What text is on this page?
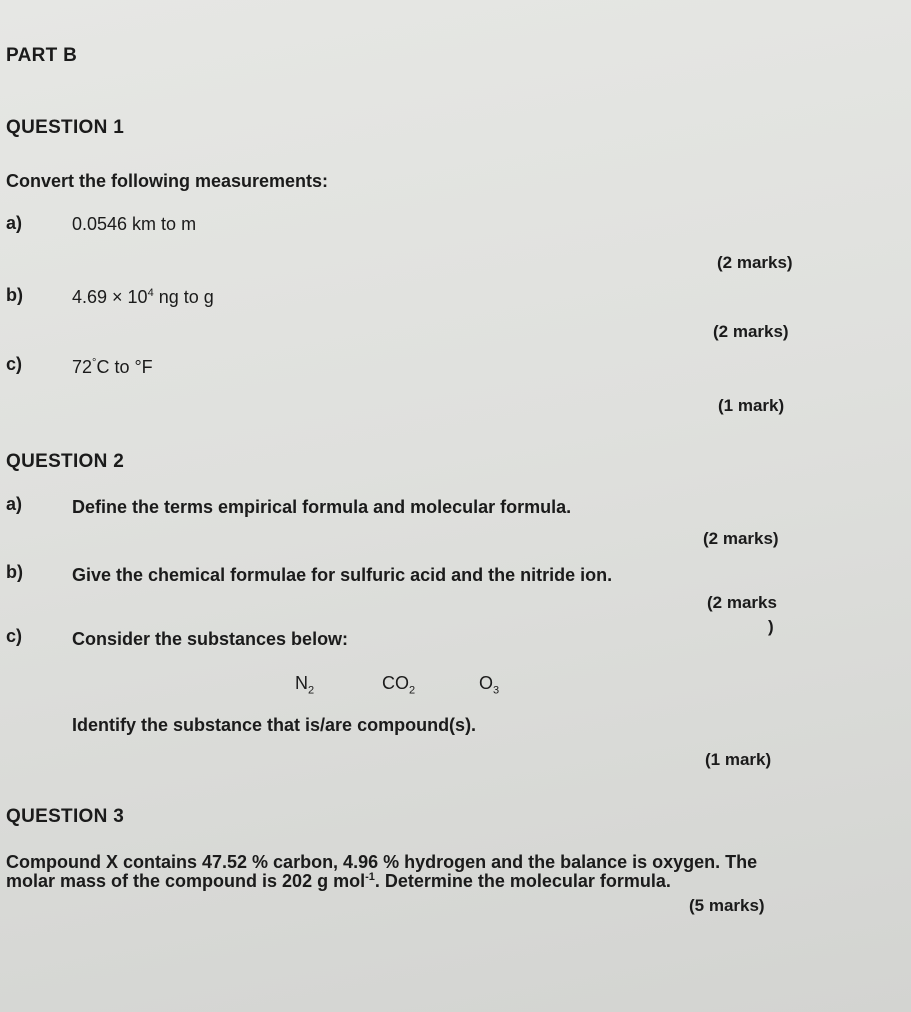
PART B
QUESTION 1
Convert the following measurements:
a)	0.0546 km to m
(2 marks)
b)	$4.69 \times 10^4$ ng to g
(2 marks)
c)	72°C to °F
(1 mark)
QUESTION 2
a)	Define the terms empirical formula and molecular formula.
(2 marks)
b)	Give the chemical formulae for sulfuric acid and the nitride ion.
(2 marks
)
c)	Consider the substances below:
$N_2$	$CO_2$	$O_3$
Identify the substance that is/are compound(s).
(1 mark)
QUESTION 3
Compound X contains 47.52 % carbon, 4.96 % hydrogen and the balance is oxygen. The
molar mass of the compound is 202 g mol$^{-1}$. Determine the molecular formula.
(5 marks)
